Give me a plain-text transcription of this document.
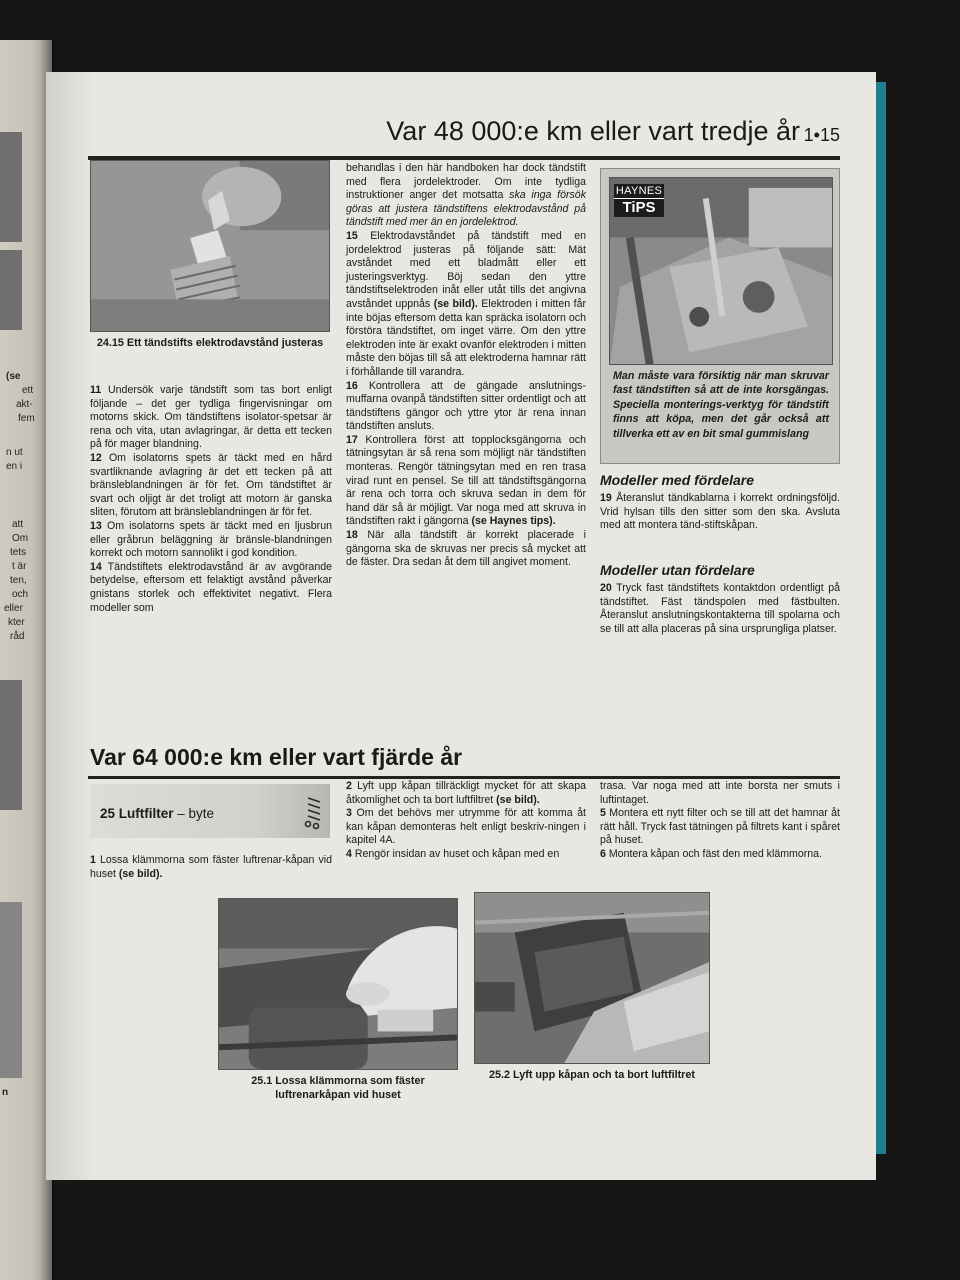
(se
ett
akt-
fem
n ut
en i
att
Om
tets
t är
ten,
och
eller
kter
råd
n
Var 48 000:e km eller vart tredje år 1•15
24.15 Ett tändstifts elektrodavstånd justeras

11 Undersök varje tändstift som tas bort enligt följande – det ger tydliga fingervisningar om motorns skick. Om tändstiftens isolator-spetsar är rena och vita, utan avlagringar, är detta ett tecken på för mager blandning.

12 Om isolatorns spets är täckt med en hård svartliknande avlagring är det ett tecken på att bränsleblandningen är för fet. Om tändstiftet är svart och oljigt är det troligt att motorn är ganska sliten, förutom att bränsleblandningen är för fet.

13 Om isolatorns spets är täckt med en ljusbrun eller gråbrun beläggning är bränsle-blandningen korrekt och motorn sannolikt i god kondition.

14 Tändstiftets elektrodavstånd är av avgörande betydelse, eftersom ett felaktigt avstånd påverkar gnistans storlek och effektivitet negativt. Flera modeller som

behandlas i den här handboken har dock tändstift med flera jordelektroder. Om inte tydliga instruktioner anger det motsatta ska inga försök göras att justera tändstiftens elektrodavstånd på tändstift med mer än en jordelektrod.

15 Elektrodavståndet på tändstift med en jordelektrod justeras på följande sätt: Mät avståndet med ett bladmått eller ett justeringsverktyg. Böj sedan den yttre tändstiftselektroden inåt eller utåt tills det angivna avståndet uppnås (se bild). Elektroden i mitten får inte böjas eftersom detta kan spräcka isolatorn och förstöra tändstiftet, om inget värre. Om den yttre elektroden inte är exakt ovanför elektroden i mitten måste den böjas till så att elektroderna hamnar rätt i förhållande till varandra.

16 Kontrollera att de gängade anslutnings-muffarna ovanpå tändstiften sitter ordentligt och att tändstiftens gängor och yttre ytor är rena innan tändstiften ansluts.

17 Kontrollera först att topplocksgängorna och tätningsytan är så rena som möjligt när tändstiften monteras. Rengör tätningsytan med en ren trasa virad runt en pensel. Se till att tändstiftsgängorna är rena och torra och skruva sedan in dem för hand där så är möjligt. Var noga med att skruva in tändstiften rakt i gängorna (se Haynes tips).

18 När alla tändstift är korrekt placerade i gängorna ska de skruvas ner precis så mycket att de fäster. Dra sedan åt dem till angivet moment.

HAYNES
TiPS
Man måste vara försiktig när man skruvar fast tändstiften så att de inte korsgängas. Speciella monterings-verktyg för tändstift finns att köpa, men det går också att tillverka ett av en bit smal gummislang
Modeller med fördelare

19 Återanslut tändkablarna i korrekt ordningsföljd. Vrid hylsan tills den sitter som den ska. Avsluta med att montera tänd-stiftskåpan.

Modeller utan fördelare

20 Tryck fast tändstiftets kontaktdon ordentligt på tändstiftet. Fäst tändspolen med fästbulten. Återanslut anslutningskontakterna till spolarna och se till att alla placeras på sina ursprungliga platser.

Var 64 000:e km eller vart fjärde år
25 Luftfilter – byte

1 Lossa klämmorna som fäster luftrenar-kåpan vid huset (se bild).

2 Lyft upp kåpan tillräckligt mycket för att skapa åtkomlighet och ta bort luftfiltret (se bild).

3 Om det behövs mer utrymme för att komma åt kan kåpan demonteras helt enligt beskriv-ningen i kapitel 4A.

4 Rengör insidan av huset och kåpan med en

trasa. Var noga med att inte borsta ner smuts i luftintaget.

5 Montera ett nytt filter och se till att det hamnar åt rätt håll. Tryck fast tätningen på filtrets kant i spåret på huset.

6 Montera kåpan och fäst den med klämmorna.

25.1 Lossa klämmorna som fäster luftrenarkåpan vid huset
25.2 Lyft upp kåpan och ta bort luftfiltret
